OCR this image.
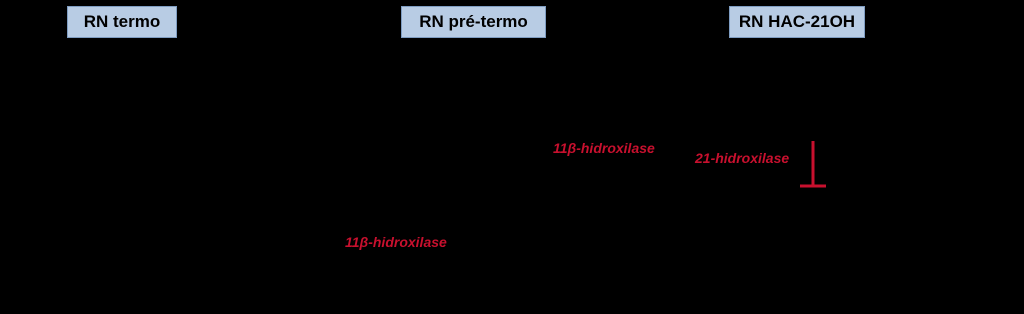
RN termo	RN pré-termo	RN HAC-21OH
11β-hidroxilase
21-hidroxilase
11β-hidroxilase
